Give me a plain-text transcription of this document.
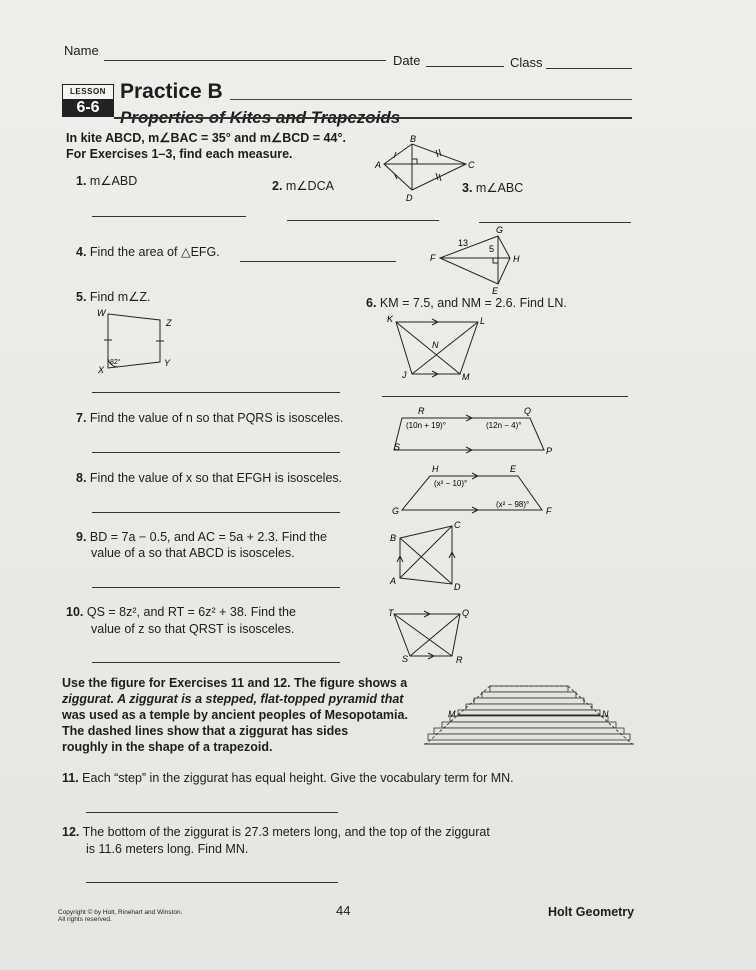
Name
Date	Class
LESSON
6-6
Practice B
Properties of Kites and Trapezoids
In kite ABCD, m∠BAC = 35° and m∠BCD = 44°.
For Exercises 1–3, find each measure.
B
A	C
D
1. m∠ABD	2. m∠DCA	3. m∠ABC
4. Find the area of △EFG.
G
F	H
E
13
5
5. Find m∠Z.
W
Z
X
Y
82°
6. KM = 7.5, and NM = 2.6. Find LN.
K	L
N
J	M
7. Find the value of n so that PQRS is isosceles.	R	Q
S	P
(10n + 19)°	(12n − 4)°
8. Find the value of x so that EFGH is isosceles.
H	E
G	F
(x² − 10)°
(x² − 98)°
9. BD = 7a − 0.5, and AC = 5a + 2.3. Find the
value of a so that ABCD is isosceles.
B
C
A
D
10. QS = 8z², and RT = 6z² + 38. Find the
value of z so that QRST is isosceles.
T	Q
S	R
Use the figure for Exercises 11 and 12. The figure shows a
ziggurat. A ziggurat is a stepped, flat-topped pyramid that
was used as a temple by ancient peoples of Mesopotamia.
The dashed lines show that a ziggurat has sides
roughly in the shape of a trapezoid.
M	N
11. Each “step” in the ziggurat has equal height. Give the vocabulary term for MN.
12. The bottom of the ziggurat is 27.3 meters long, and the top of the ziggurat
is 11.6 meters long. Find MN.
Copyright © by Holt, Rinehart and Winston.
All rights reserved.
44	Holt Geometry
